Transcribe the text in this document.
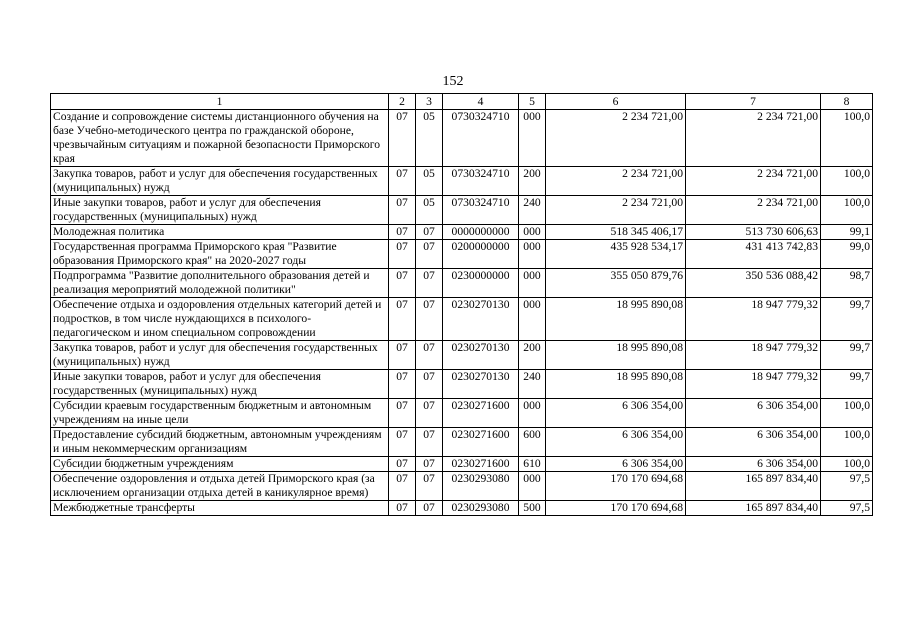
152
1	2	3	4	5	6	7	8
Создание и сопровождение системы дистанционного обучения на базе Учебно-методического центра по гражданской обороне, чрезвычайным ситуациям и пожарной безопасности Приморского края	07	05	0730324710	000	2 234 721,00	2 234 721,00	100,0
Закупка товаров, работ и услуг для обеспечения государственных (муниципальных) нужд	07	05	0730324710	200	2 234 721,00	2 234 721,00	100,0
Иные закупки товаров, работ и услуг для обеспечения государственных (муниципальных) нужд	07	05	0730324710	240	2 234 721,00	2 234 721,00	100,0
Молодежная политика	07	07	0000000000	000	518 345 406,17	513 730 606,63	99,1
Государственная программа Приморского края "Развитие образования Приморского края" на 2020-2027 годы	07	07	0200000000	000	435 928 534,17	431 413 742,83	99,0
Подпрограмма "Развитие дополнительного образования детей и реализация мероприятий молодежной политики"	07	07	0230000000	000	355 050 879,76	350 536 088,42	98,7
Обеспечение отдыха и оздоровления отдельных категорий детей и подростков, в том числе нуждающихся в психолого-педагогическом и ином специальном сопровождении	07	07	0230270130	000	18 995 890,08	18 947 779,32	99,7
Закупка товаров, работ и услуг для обеспечения государственных (муниципальных) нужд	07	07	0230270130	200	18 995 890,08	18 947 779,32	99,7
Иные закупки товаров, работ и услуг для обеспечения государственных (муниципальных) нужд	07	07	0230270130	240	18 995 890,08	18 947 779,32	99,7
Субсидии краевым государственным бюджетным и автономным учреждениям на иные цели	07	07	0230271600	000	6 306 354,00	6 306 354,00	100,0
Предоставление субсидий бюджетным, автономным учреждениям и иным некоммерческим организациям	07	07	0230271600	600	6 306 354,00	6 306 354,00	100,0
Субсидии бюджетным учреждениям	07	07	0230271600	610	6 306 354,00	6 306 354,00	100,0
Обеспечение оздоровления и отдыха детей Приморского края (за исключением организации отдыха детей в каникулярное время)	07	07	0230293080	000	170 170 694,68	165 897 834,40	97,5
Межбюджетные трансферты	07	07	0230293080	500	170 170 694,68	165 897 834,40	97,5
